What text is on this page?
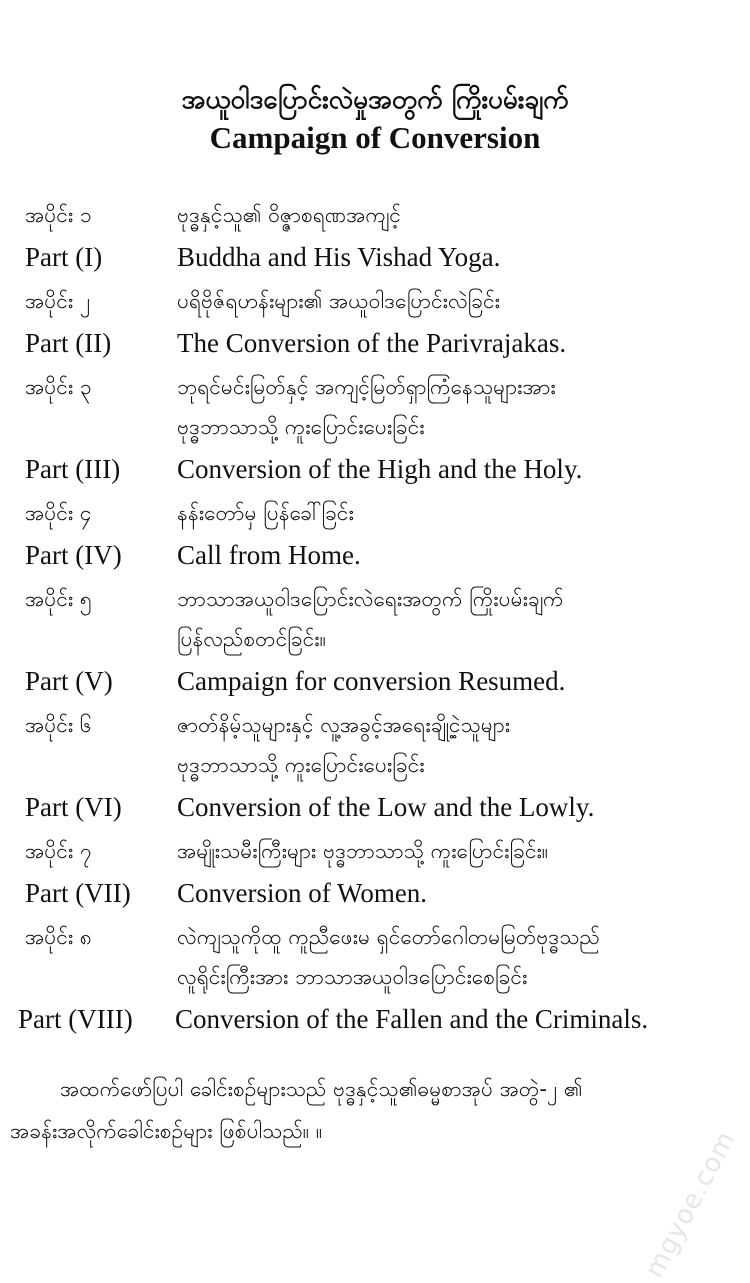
အယူဝါဒပြောင်းလဲမှုအတွက် ကြိုးပမ်းချက်
Campaign of Conversion
အပိုင်း ၁	ဗုဒ္ဓနှင့်သူ၏ ဝိဇ္ဇာစရဏအကျင့်
Part (I)	Buddha and His Vishad Yoga.
အပိုင်း ၂	ပရိဗိုဇ်ရဟန်းများ၏ အယူဝါဒပြောင်းလဲခြင်း
Part (II) The Conversion of the Parivrajakas.
အပိုင်း ၃	ဘုရင်မင်းမြတ်နှင့် အကျင့်မြတ်ရှာကြံနေသူများအား
ဗုဒ္ဓဘာသာသို့ ကူးပြောင်းပေးခြင်း
Part (III) Conversion of the High and the Holy.
အပိုင်း ၄	နန်းတော်မှ ပြန်ခေါ်ခြင်း
Part (IV) Call from Home.
အပိုင်း ၅	ဘာသာအယူဝါဒပြောင်းလဲရေးအတွက် ကြိုးပမ်းချက်
ပြန်လည်စတင်ခြင်း။
Part (V) Campaign for conversion Resumed.
အပိုင်း ၆	ဇာတ်နိမ့်သူများနှင့် လူ့အခွင့်အရေးချို့ငဲ့သူများ
ဗုဒ္ဓဘာသာသို့ ကူးပြောင်းပေးခြင်း
Part (VI) Conversion of the Low and the Lowly.
အပိုင်း ၇	အမျိုးသမီးကြီးများ ဗုဒ္ဓဘာသာသို့ ကူးပြောင်းခြင်း။
Part (VII) Conversion of Women.
အပိုင်း ၈	လဲကျသူကိုထူ ကူညီဖေးမ ရှင်တော်ဂေါတမမြတ်ဗုဒ္ဓသည်
လူရိုင်းကြီးအား ဘာသာအယူဝါဒပြောင်းစေခြင်း
Part (VIII) Conversion of the Fallen and the Criminals.
အထက်ဖော်ပြပါ ခေါင်းစဉ်များသည် ဗုဒ္ဓနှင့်သူ၏ဓမ္မစာအုပ် အတွဲ-၂ ၏
အခန်းအလိုက်ခေါင်းစဉ်များ ဖြစ်ပါသည်။ ။	mgyoe.com
